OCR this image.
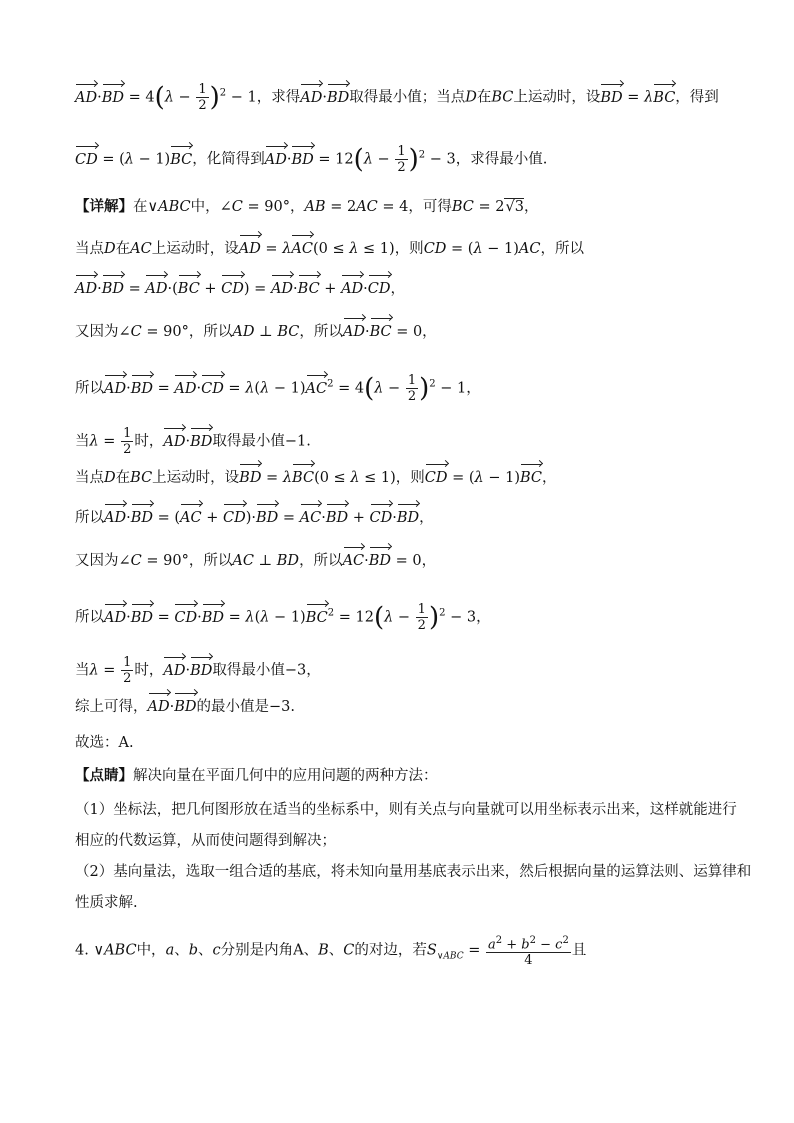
$AD\cdot BD = 4(\lambda - \frac{1}{2} )^2 - 1$，求得AD·BD取得最小值；当点D在BC上运动时，设BD = λBC，得到
CD = (λ − 1)BC，化简得到$AD\cdot BD = 12(\lambda - \frac{1}{2} )^2 - 3$，求得最小值.
【详解】在∨ABC中，∠C = 90°，AB = 2AC = 4，可得BC = 2√3，
当点D在AC上运动时，设AD = λAC(0 ≤ λ ≤ 1)，则CD = (λ − 1)AC，所以
AD·BD = AD·(BC + CD) = AD·BC + AD·CD，
又因为∠C = 90°，所以AD ⊥ BC，所以AD·BC = 0，
所以$AD\cdot BD = AD\cdot CD = \lambda(\lambda - 1)AC^2 = 4(\lambda - \frac{1}{2} )^2 - 1$，
当$\lambda = \frac{1}{2}$ 时，AD·BD取得最小值−1.
当点D在BC上运动时，设BD = λBC(0 ≤ λ ≤ 1)，则CD = (λ − 1)BC，
所以AD·BD = (AC + CD)·BD = AC·BD + CD·BD，
又因为∠C = 90°，所以AC ⊥ BD，所以AC·BD = 0，
所以$AD\cdot BD = CD\cdot BD = \lambda(\lambda - 1)BC^2 = 12(\lambda - \frac{1}{2} )^2 - 3$，
当$\lambda = \frac{1}{2}$ 时，AD·BD取得最小值−3，
综上可得，AD·BD的最小值是−3.
故选：A.
【点睛】解决向量在平面几何中的应用问题的两种方法：
（1）坐标法，把几何图形放在适当的坐标系中，则有关点与向量就可以用坐标表示出来，这样就能进行
相应的代数运算，从而使问题得到解决；
（2）基向量法，选取一组合适的基底，将未知向量用基底表示出来，然后根据向量的运算法则、运算律和
性质求解.
4. ∨ABC中，a、b、c分别是内角A、B、C的对边，若$S_{\vee ABC} = \frac{a^2 + b^2 - c^2}{4}$ 且
